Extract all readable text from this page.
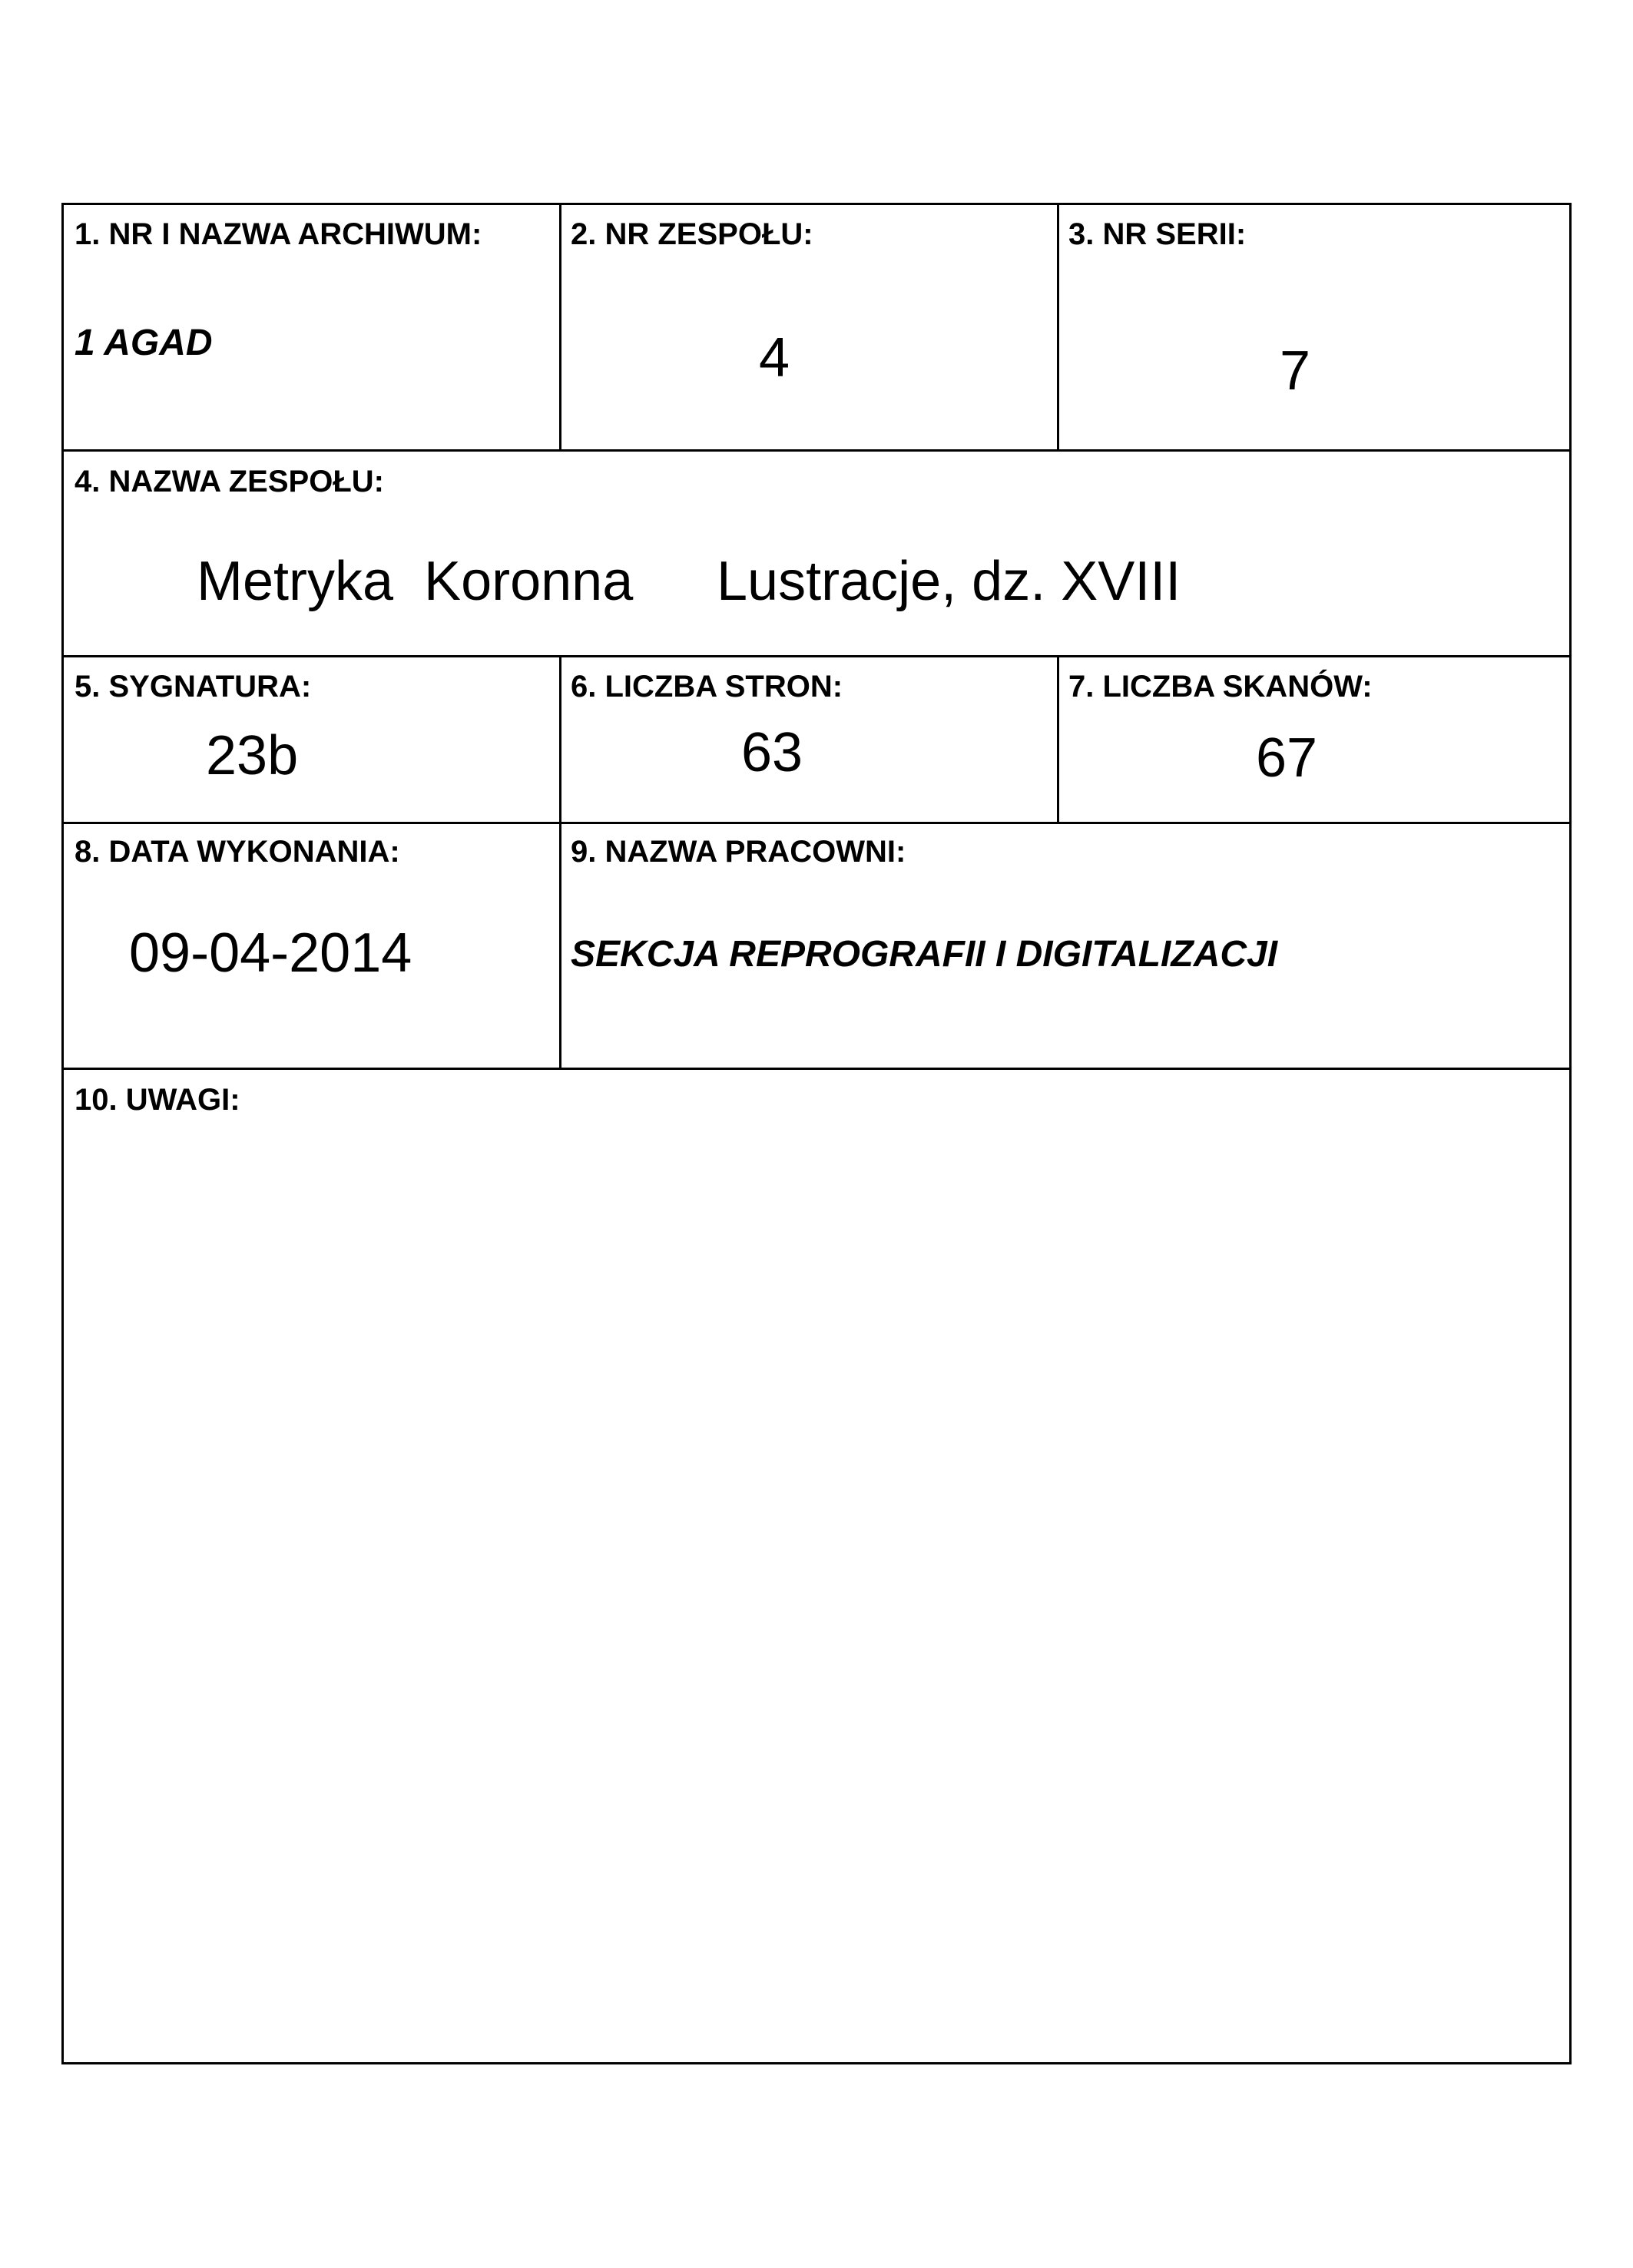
1. NR I NAZWA ARCHIWUM:
1 AGAD
2. NR ZESPOŁU:
4
3. NR SERII:
7
4. NAZWA ZESPOŁU:
Metryka  Koronna Lustracje, dz. XVIII
5. SYGNATURA:
23b
6. LICZBA STRON:
63
7. LICZBA SKANÓW:
67
8. DATA WYKONANIA:
09-04-2014
9. NAZWA PRACOWNI:
SEKCJA REPROGRAFII I DIGITALIZACJI
10. UWAGI:
